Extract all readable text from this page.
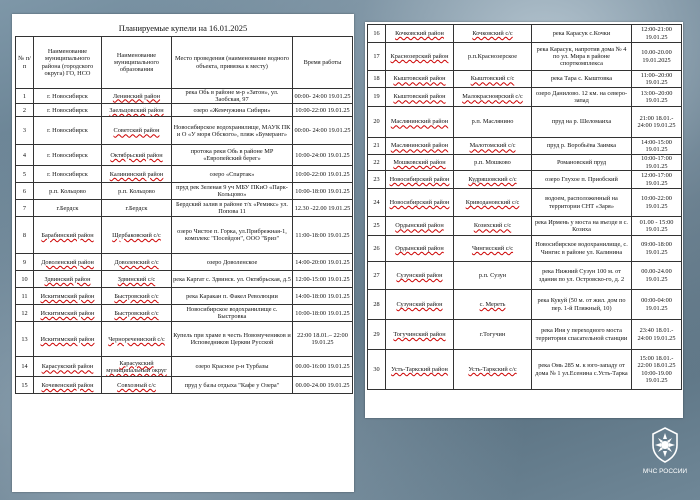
Планируемые купели на 16.01.2025
№ п/п	Наименование муниципального района (городского округа) ГО, НСО	Наименование муниципального образования	Место проведения (наименование водного объекта, привязка к месту)	Время работы
1	г. Новосибирск	Ленинский район	река Обь в районе м-р «Затон», ул. Заобская, 97	00:00- 24:00 19.01.25
2	г. Новосибирск	Заельцовский район	озеро «Жемчужина Сибири»	10:00-22:00 19.01.25
3	г. Новосибирск	Советский район	Новосибирское водохранилище, МАУК ПК и О «У моря Обского», пляж «Бумеранг»	00:00- 24:00 19.01.25
4	г. Новосибирск	Октябрьский район	протока реки Обь в районе МР «Европейский берег»	10:00-24:00 19.01.25
5	г. Новосибирск	Калининский район	озеро «Спартак»	10:00-22:00 19.01.25
6	р.п. Кольцово	р.п. Кольцово	пруд рек Зеленая 9 уч МБУ ПКиО «Парк-Кольцово»	10:00-18:00 19.01.25
7	г.Бердск	г.Бердск	Бердский залив в районе т/х «Ремикс» ул. Попова 11	12.30 -22.00 19.01.25
8	Барабинский район	Щербаковский с/с	озеро Чистое п. Горка, ул.Прибрежная-1, комплекс "Посейдон", ООО "Бриз"	11:00-18:00 19.01.25
9	Доволенский район	Доволенский с/с	озеро Доволенское	14:00-20:00 19.01.25
10	Здвинский район	Здвинский с/с	река Каргат с. Здвинск. ул. Октябрьская, д.5	12:00-15:00 19.01.25
11	Искитимский район	Быстровский с/с	река Каракан п. Факел Революции	14:00-18:00 19.01.25
12	Искитимский район	Быстровский с/с	Новосибирское водохранилище с. Быстровка	10:00-18:00 19.01.25
13	Искитимский район	Черноречениский с/с	Купель при храме в честь Новомучеников и Исповедников Церкви Русской	22:00 18.01.– 22:00 19.01.25
14	Карасукский район	Карасукский муниципальный округ	озеро Красное р-н Турбазы	00.00-16:00 19.01.25
15	Кочевенский район	Совхозный с/с	пруд у базы отдыха "Кафе у Озера"	00.00-24.00 19.01.25
16	Кочковский район	Кочковский с/с	река Карасук с.Кочки	12:00-21:00 19.01.25
17	Краснозерский район	р.п.Краснозерское	река Карасук, напротив дома № 4 по ул. Мира в районе спорткомплекса	10.00-20.00 19.01.2025
18	Кыштовский район	Кыштовский с/с	река Тара с. Кыштовка	11:00–20:00 19.01.25
19	Кыштовский район	Малокрасноярский с/с	озеро Данилово. 12 км. на северо-запад	13:00–20:00 19.01.25
20	Маслянинский район	р.п. Маслянино	пруд на р. Шеломаиха	21:00 18.01.- 24:00 19.01.25
21	Маслянинский район	Малотомский с/с	пруд р. Воробьёва Заимка	14:00-15:00 19.01.25
22	Мошковский район	р.п. Мошково	Романовский пруд	10:00-17:00 19.01.25
23	Новосибирский район	Кудряшовский с/с	озеро Глухое п. Приобский	12:00-17:00 19.01.25
24	Новосибирский район	Криводановский с/с	водоем, расположенный на территории СНТ «Заря»	10:00-22:00 19.01.25
25	Ордынский район	Козихский с/с	река Ирмень у моста на въезде в с. Козиха	01.00 - 15:00 19.01.25
26	Ордынский район	Чингисский с/с	Новосибирское водохранилище, с. Чингис в районе ул. Калинина	09:00-18:00 19.01.25
27	Сузунский район	р.п. Сузун	река Нижний Сузун 100 м. от здания по ул. Островско-го, д. 2	00.00-24.00 19.01.25
28	Сузунский район	с. Мереть	река Кукуй (50 м. от жил. дом по пер. 1-й Пляжный, 10)	00:00-04:00 19.01.25
29	Тогучинский район	г.Тогучин	река Иня у переходного моста территория спасательной станции	23:40 18.01.- 24:00 19.01.25
30	Усть-Таркский район	Усть-Таркский с/с	река Омь 285 м. к юго-западу от дома № 1 ул.Есенина с.Усть-Тарка	15:00 18.01.- 22:00 18.01.25 10:00-19.00 19.01.25
МЧС РОССИИ
